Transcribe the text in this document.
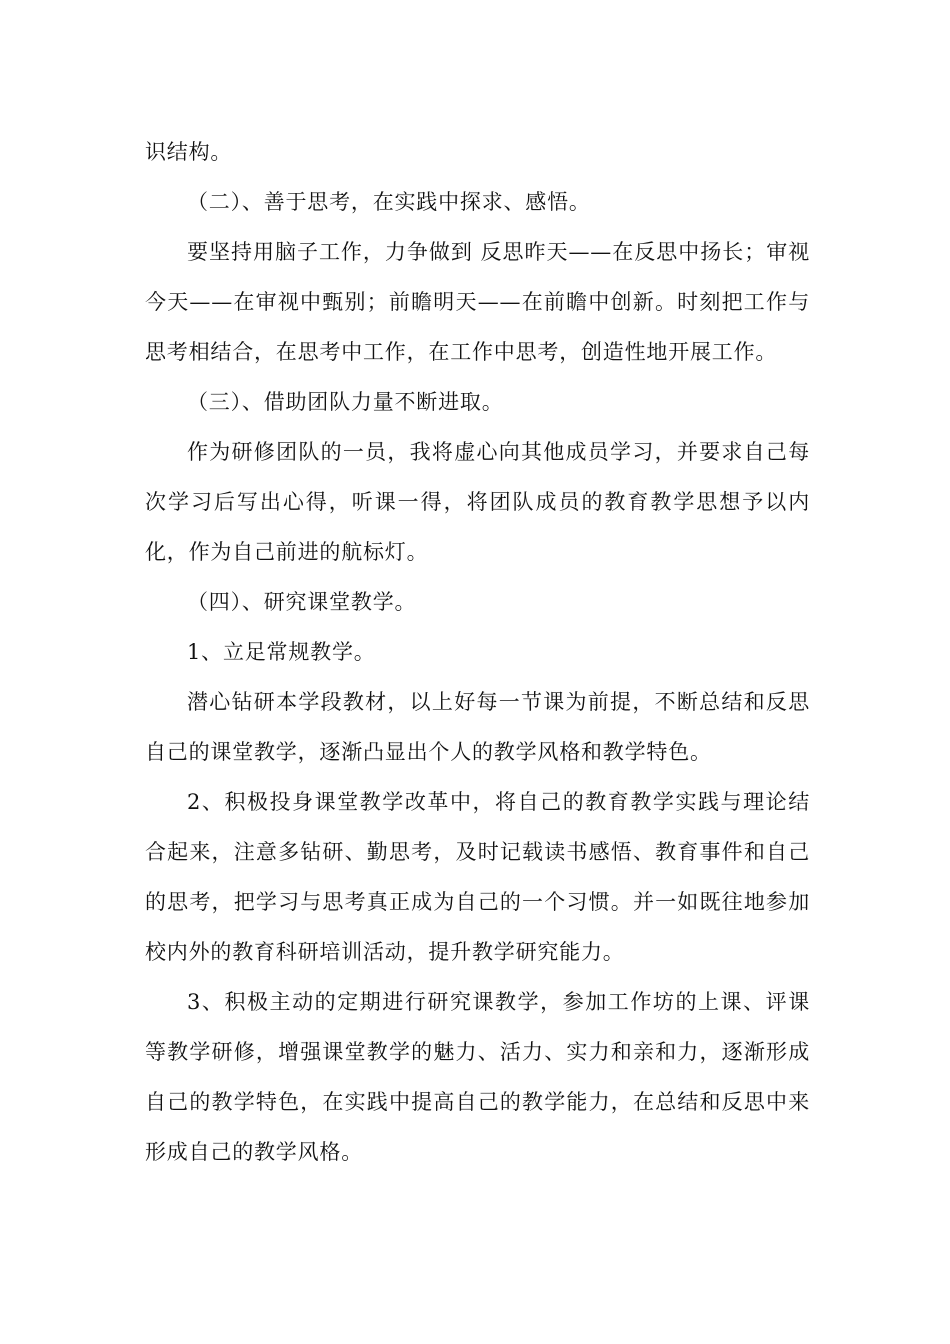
识结构。

（二）、善于思考，在实践中探求、感悟。

要坚持用脑子工作，力争做到 反思昨天——在反思中扬长；审视今天——在审视中甄别；前瞻明天——在前瞻中创新。时刻把工作与思考相结合，在思考中工作，在工作中思考，创造性地开展工作。

（三）、借助团队力量不断进取。

作为研修团队的一员，我将虚心向其他成员学习，并要求自己每次学习后写出心得，听课一得，将团队成员的教育教学思想予以内化，作为自己前进的航标灯。

（四）、研究课堂教学。

1、立足常规教学。

潜心钻研本学段教材，以上好每一节课为前提，不断总结和反思自己的课堂教学，逐渐凸显出个人的教学风格和教学特色。

2、积极投身课堂教学改革中，将自己的教育教学实践与理论结合起来，注意多钻研、勤思考，及时记载读书感悟、教育事件和自己的思考，把学习与思考真正成为自己的一个习惯。并一如既往地参加校内外的教育科研培训活动，提升教学研究能力。

3、积极主动的定期进行研究课教学，参加工作坊的上课、评课等教学研修，增强课堂教学的魅力、活力、实力和亲和力，逐渐形成自己的教学特色，在实践中提高自己的教学能力，在总结和反思中来形成自己的教学风格。
